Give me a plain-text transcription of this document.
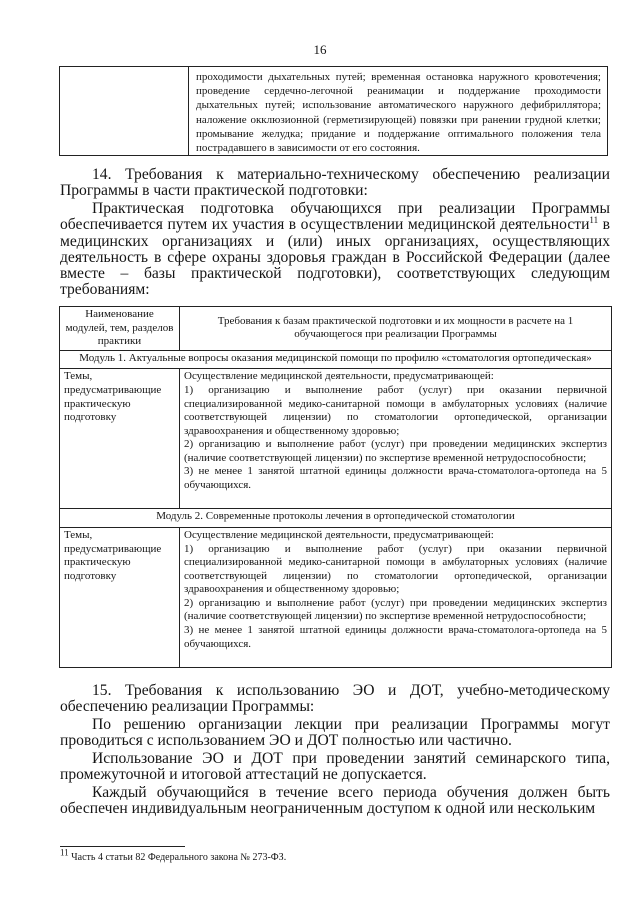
16
проходимости дыхательных путей; временная остановка наружного кровотечения; проведение сердечно-легочной реанимации и поддержание проходимости дыхательных путей; использование автоматического наружного дефибриллятора; наложение окклюзионной (герметизирующей) повязки при ранении грудной клетки; промывание желудка; придание и поддержание оптимального положения тела пострадавшего в зависимости от его состояния.
14. Требования к материально-техническому обеспечению реализации Программы в части практической подготовки:
Практическая подготовка обучающихся при реализации Программы обеспечивается путем их участия в осуществлении медицинской деятельности$^{11}$ в медицинских организациях и (или) иных организациях, осуществляющих деятельность в сфере охраны здоровья граждан в Российской Федерации (далее вместе – базы практической подготовки), соответствующих следующим требованиям:
Наименование модулей, тем, разделов практики	Требования к базам практической подготовки и их мощности в расчете на 1 обучающегося при реализации Программы
Модуль 1. Актуальные вопросы оказания медицинской помощи по профилю «стоматология ортопедическая»	
Темы, предусматривающие практическую подготовку	Осуществление медицинской деятельности, предусматривающей:

1) организацию и выполнение работ (услуг) при оказании первичной специализированной медико-санитарной помощи в амбулаторных условиях (наличие соответствующей лицензии) по стоматологии ортопедической, организации здравоохранения и общественному здоровью;

2) организацию и выполнение работ (услуг) при проведении медицинских экспертиз (наличие соответствующей лицензии) по экспертизе временной нетрудоспособности;

3) не менее 1 занятой штатной единицы должности врача-стоматолога-ортопеда на 5 обучающихся.

Модуль 2. Современные протоколы лечения в ортопедической стоматологии	
Темы, предусматривающие практическую подготовку	Осуществление медицинской деятельности, предусматривающей:

1) организацию и выполнение работ (услуг) при оказании первичной специализированной медико-санитарной помощи в амбулаторных условиях (наличие соответствующей лицензии) по стоматологии ортопедической, организации здравоохранения и общественному здоровью;

2) организацию и выполнение работ (услуг) при проведении медицинских экспертиз (наличие соответствующей лицензии) по экспертизе временной нетрудоспособности;

3) не менее 1 занятой штатной единицы должности врача-стоматолога-ортопеда на 5 обучающихся.

15. Требования к использованию ЭО и ДОТ, учебно-методическому обеспечению реализации Программы:
По решению организации лекции при реализации Программы могут проводиться с использованием ЭО и ДОТ полностью или частично.
Использование ЭО и ДОТ при проведении занятий семинарского типа, промежуточной и итоговой аттестаций не допускается.
Каждый обучающийся в течение всего периода обучения должен быть обеспечен индивидуальным неограниченным доступом к одной или нескольким
$^{11}$ Часть 4 статьи 82 Федерального закона № 273-ФЗ.
